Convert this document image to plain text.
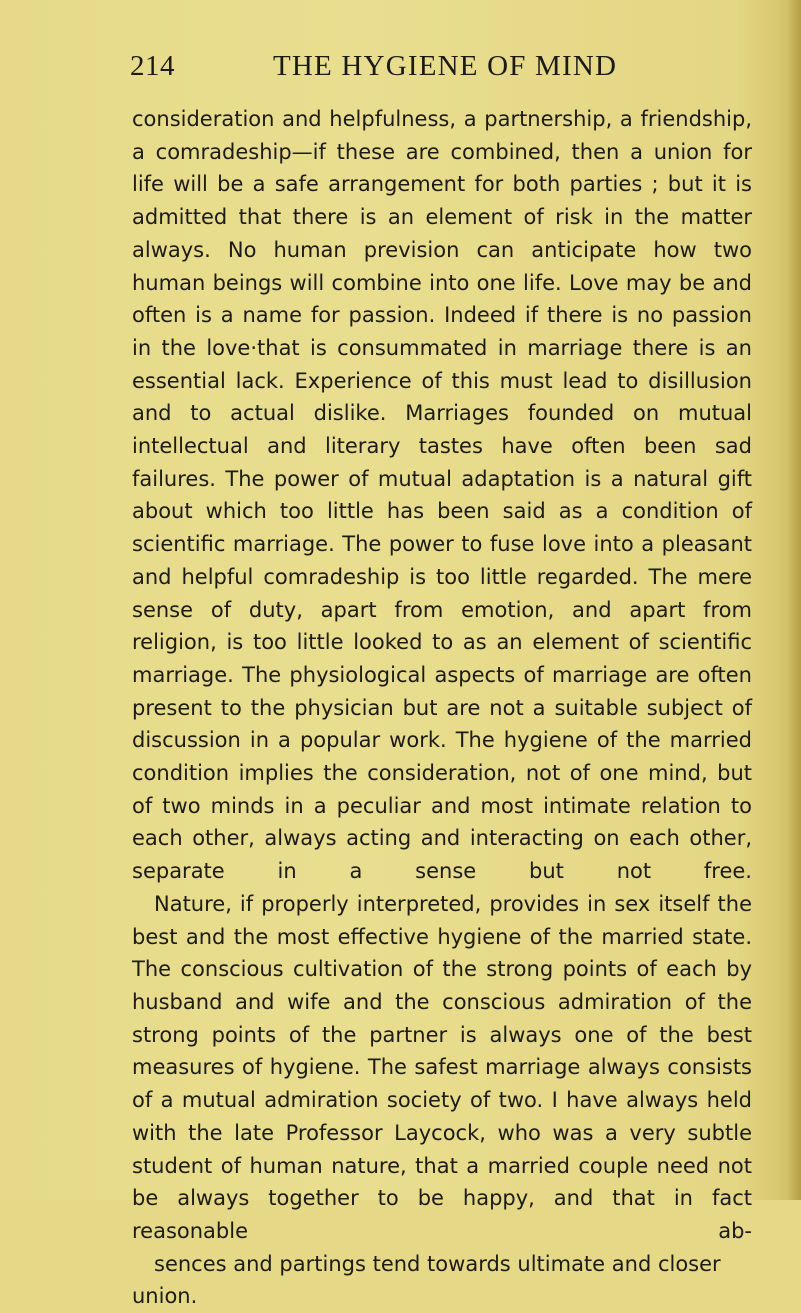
214	THE HYGIENE OF MIND

consideration and helpfulness, a partnership, a friendship, a comradeship—if these are combined, then a union for life will be a safe arrangement for both parties ; but it is admitted that there is an element of risk in the matter always. No human prevision can anticipate how two human beings will combine into one life. Love may be and often is a name for passion. Indeed if there is no passion in the love·that is consummated in marriage there is an essential lack. Experience of this must lead to disillusion and to actual dislike. Marriages founded on mutual intellectual and literary tastes have often been sad failures. The power of mutual adaptation is a natural gift about which too little has been said as a condition of scientific marriage. The power to fuse love into a pleasant and helpful comradeship is too little regarded. The mere sense of duty, apart from emotion, and apart from religion, is too little looked to as an element of scientific marriage. The physiological aspects of marriage are often present to the physician but are not a suitable subject of discussion in a popular work. The hygiene of the married condition implies the consideration, not of one mind, but of two minds in a peculiar and most intimate relation to each other, always acting and interacting on each other,
separate in a sense but not free.

Nature, if properly interpreted, provides in sex itself the best and the most effective hygiene of the married state. The conscious cultivation of the strong points of each by husband and wife and the conscious admiration of the strong points of the partner is always one of the best measures of hygiene. The safest marriage always consists of a mutual admiration society of two. I have always held with the late Professor Laycock, who was a very subtle student of human nature, that a married couple need not be always together to be happy, and that in fact reasonable ab-
sences and partings tend towards ultimate and closer union.
